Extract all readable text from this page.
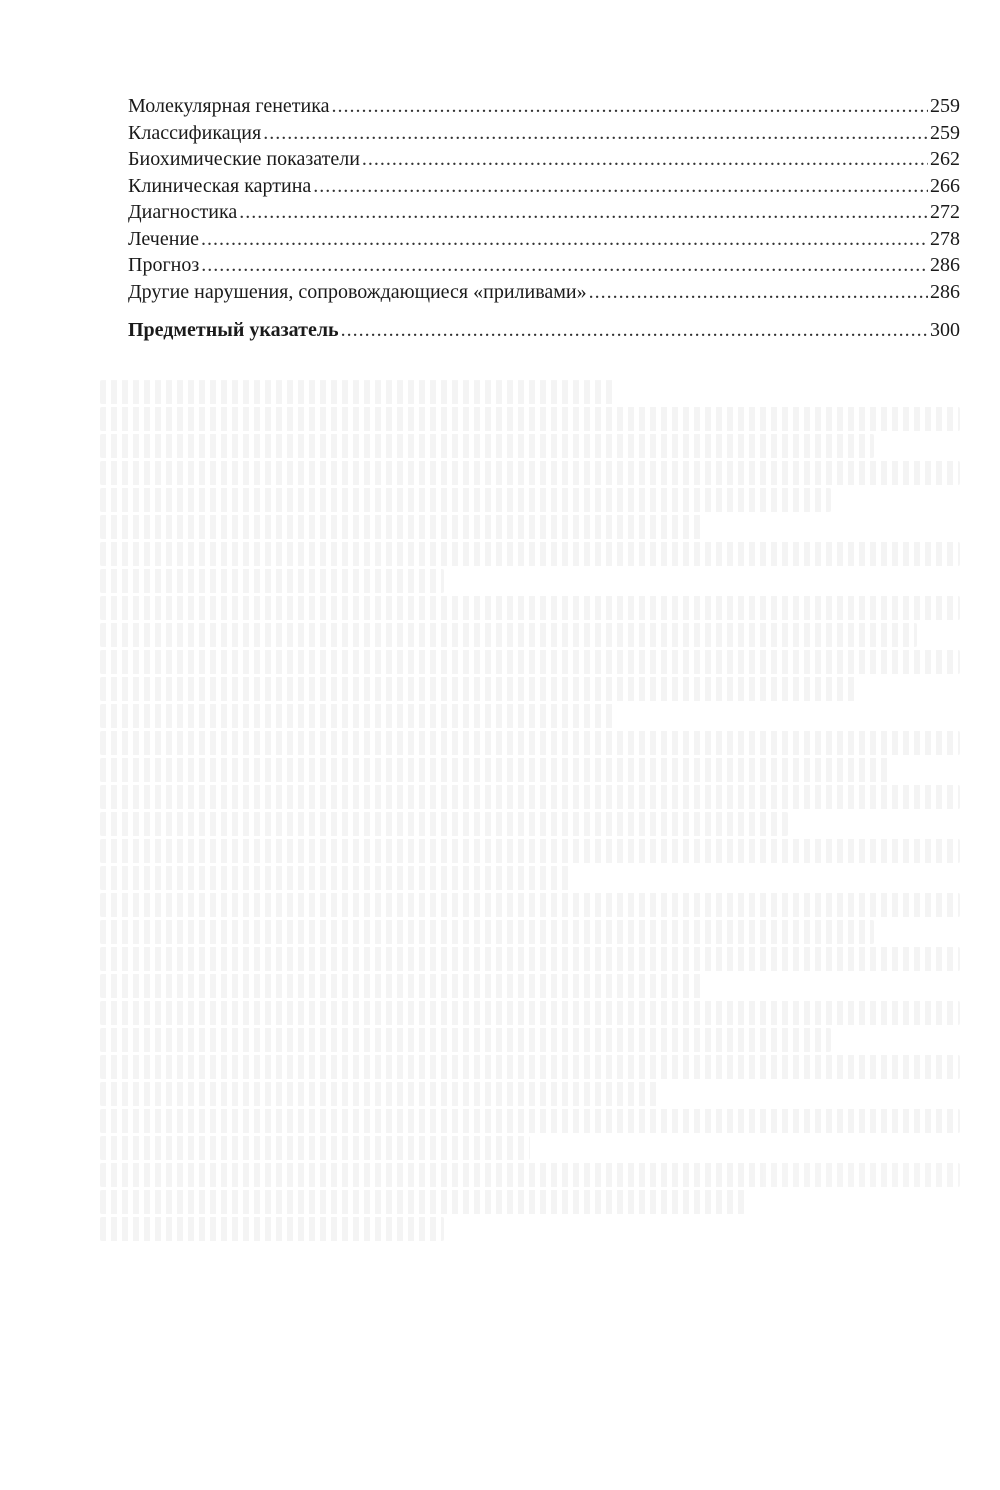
Молекулярная генетика .....	259
Классификация .....	259
Биохимические показатели .....	262
Клиническая картина .....	266
Диагностика .....	272
Лечение .....	278
Прогноз .....	286
Другие нарушения, сопровождающиеся «приливами» .....	286
Предметный указатель .....	300
